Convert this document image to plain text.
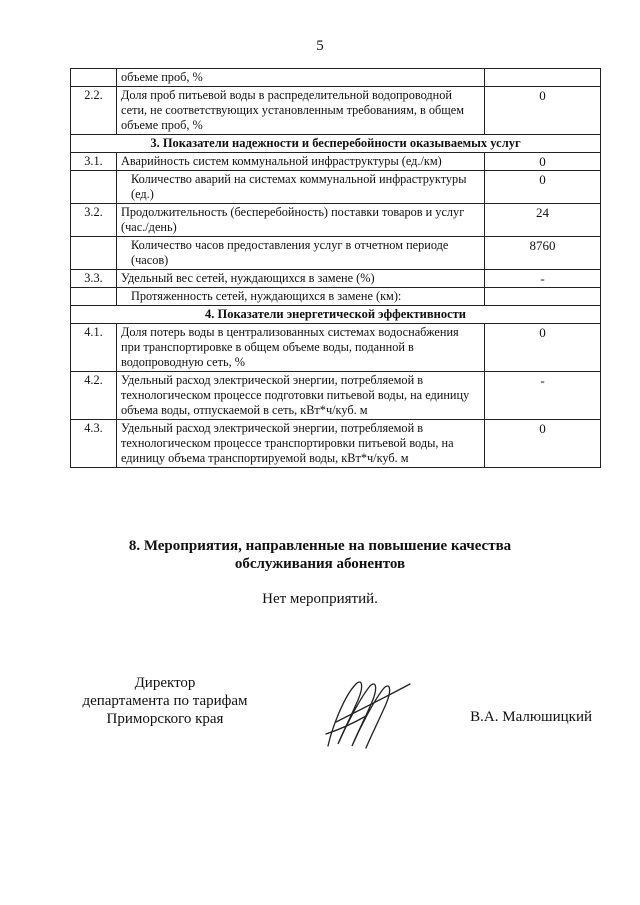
5
	объеме проб, %	
2.2.	Доля проб питьевой воды в распределительной водопроводной сети, не соответствующих установленным требованиям, в общем объеме проб, %	0
3. Показатели надежности и бесперебойности оказываемых услуг		
3.1.	Аварийность систем коммунальной инфраструктуры (ед./км)	0
	Количество аварий на системах коммунальной инфраструктуры (ед.)	0
3.2.	Продолжительность (бесперебойность) поставки товаров и услуг (час./день)	24
	Количество часов предоставления услуг в отчетном периоде (часов)	8760
3.3.	Удельный вес сетей, нуждающихся в замене (%)	-
	Протяженность сетей, нуждающихся в замене (км):	
4. Показатели энергетической эффективности		
4.1.	Доля потерь воды в централизованных системах водоснабжения при транспортировке в общем объеме воды, поданной в водопроводную сеть, %	0
4.2.	Удельный расход электрической энергии, потребляемой в технологическом процессе подготовки питьевой воды, на единицу объема воды, отпускаемой в сеть, кВт*ч/куб. м	-
4.3.	Удельный расход электрической энергии, потребляемой в технологическом процессе транспортировки питьевой воды, на единицу объема транспортируемой воды, кВт*ч/куб. м	0
8. Мероприятия, направленные на повышение качества
обслуживания абонентов
Нет мероприятий.
Директор
департамента по тарифам
Приморского края	В.А. Малюшицкий
